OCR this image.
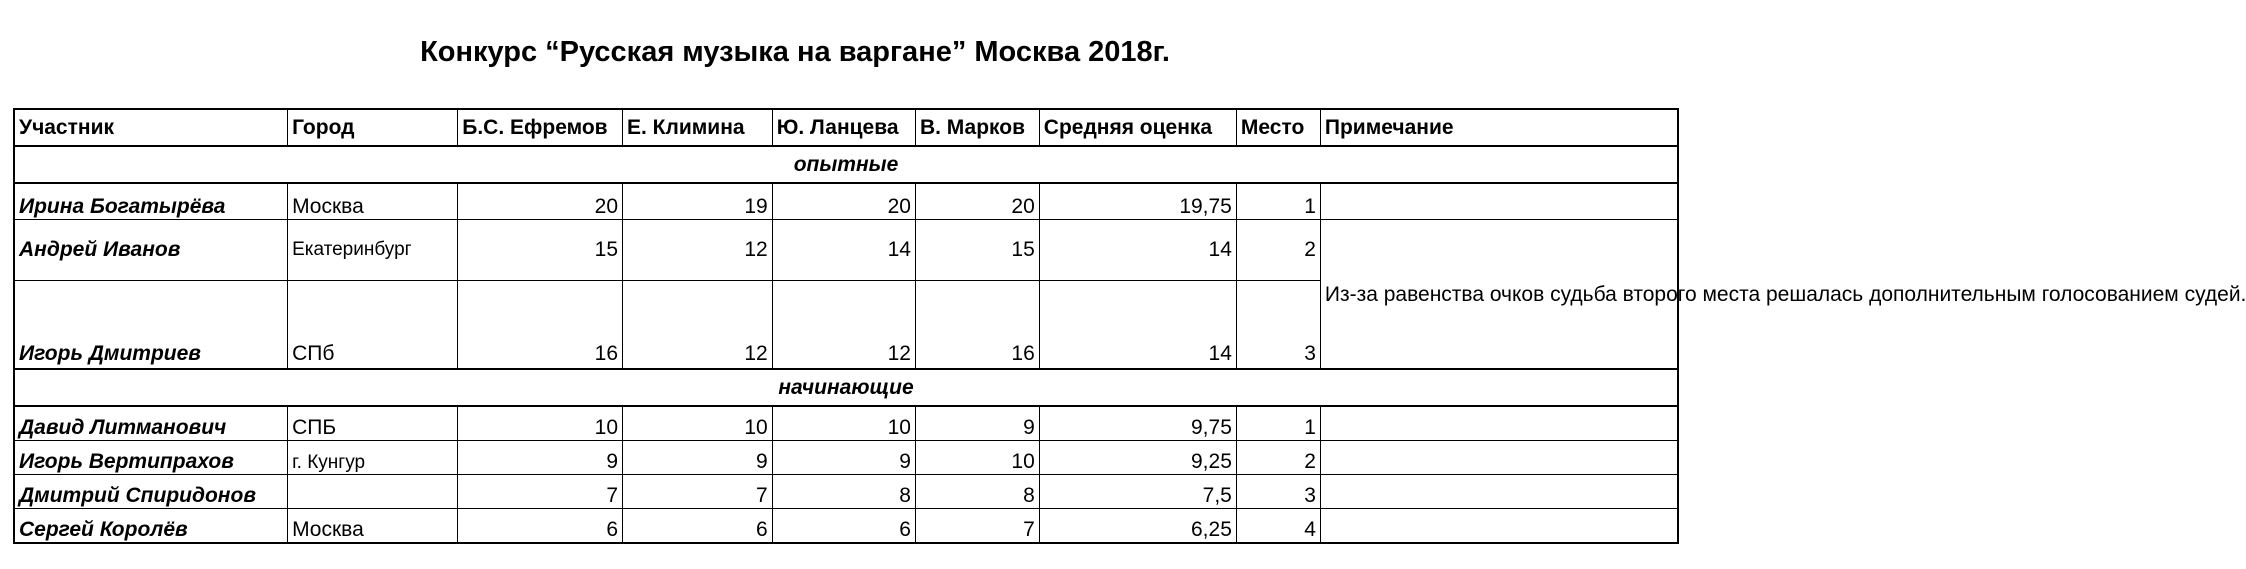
Конкурс “Русская музыка на варгане” Москва 2018г.
Участник	Город	Б.С. Ефремов	Е. Климина	Ю. Ланцева	В. Марков	Средняя оценка	Место	Примечание
опытные								
Ирина Богатырёва	Москва	20	19	20	20	19,75	1	
Андрей Иванов	Екатеринбург	15	12	14	15	14	2	Из-за равенства очков судьба второго места решалась дополнительным голосованием судей.
Игорь Дмитриев	СПб	16	12	12	16	14	3	
начинающие								
Давид Литманович	СПБ	10	10	10	9	9,75	1	
Игорь Вертипрахов	г. Кунгур	9	9	9	10	9,25	2	
Дмитрий Спиридонов		7	7	8	8	7,5	3	
Сергей Королёв	Москва	6	6	6	7	6,25	4	
